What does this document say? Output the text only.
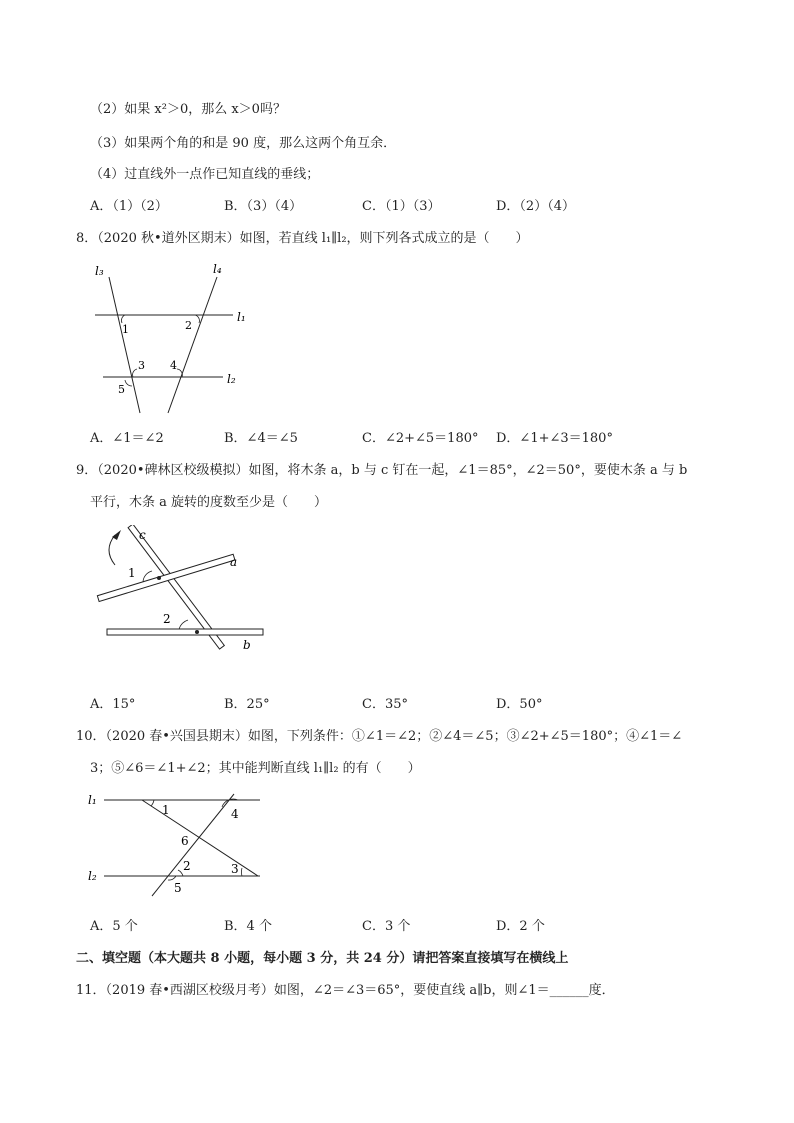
（2）如果 x²＞0，那么 x＞0吗？
（3）如果两个角的和是 90 度，那么这两个角互余．
（4）过直线外一点作已知直线的垂线；
A．（1）（2）	B．（3）（4）	C．（1）（3）	D．（2）（4）
8．（2020 秋•道外区期末）如图，若直线 l₁∥l₂，则下列各式成立的是（　　）
l₃	l₄
l₁
l₂
1	2
3 4
5
A．∠1＝∠2	B．∠4＝∠5	C．∠2+∠5＝180° D．∠1+∠3＝180°
9．（2020•碑林区校级模拟）如图，将木条 a，b 与 c 钉在一起，∠1＝85°，∠2＝50°，要使木条 a 与 b
平行，木条 a 旋转的度数至少是（　　）
c
a
b
1
2
A．15°	B．25°	C．35°	D．50°
10．（2020 春•兴国县期末）如图，下列条件：①∠1＝∠2；②∠4＝∠5；③∠2+∠5＝180°；④∠1＝∠
3；⑤∠6＝∠1+∠2；其中能判断直线 l₁∥l₂ 的有（　　）
l₁
l₂
1	4
6
2	3
5
A．5 个	B．4 个	C．3 个	D．2 个
二、填空题（本大题共 8 小题，每小题 3 分，共 24 分）请把答案直接填写在横线上
11．（2019 春•西湖区校级月考）如图，∠2＝∠3＝65°，要使直线 a∥b，则∠1＝______度．
